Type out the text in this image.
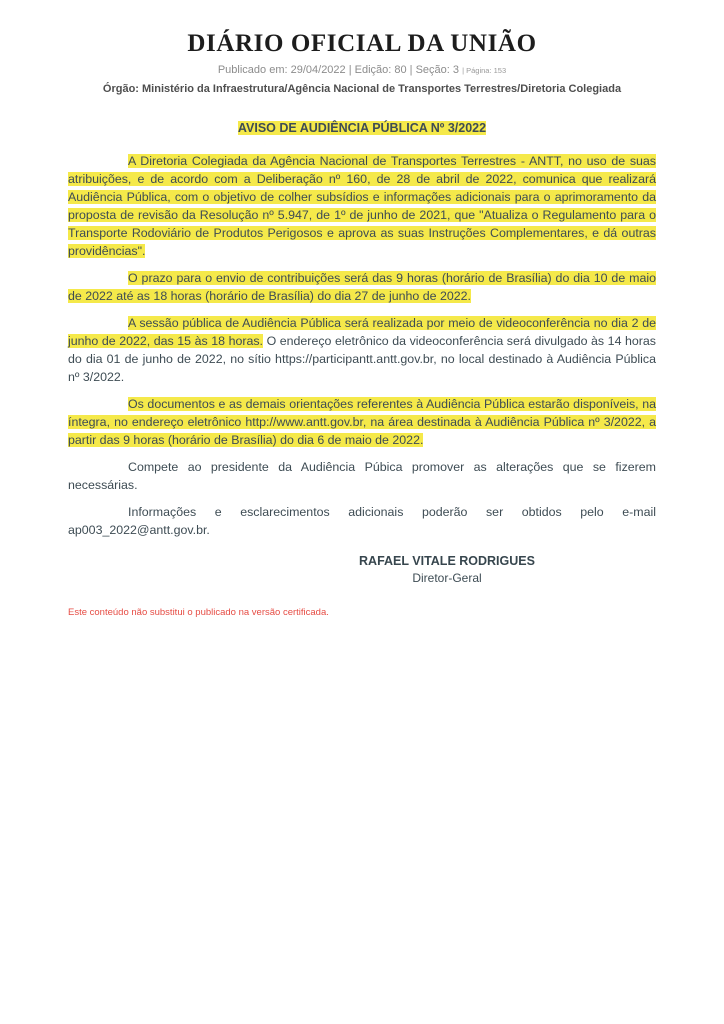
DIÁRIO OFICIAL DA UNIÃO
Publicado em: 29/04/2022 | Edição: 80 | Seção: 3 | Página: 153
Órgão: Ministério da Infraestrutura/Agência Nacional de Transportes Terrestres/Diretoria Colegiada
AVISO DE AUDIÊNCIA PÚBLICA Nº 3/2022

A Diretoria Colegiada da Agência Nacional de Transportes Terrestres - ANTT, no uso de suas atribuições, e de acordo com a Deliberação nº 160, de 28 de abril de 2022, comunica que realizará Audiência Pública, com o objetivo de colher subsídios e informações adicionais para o aprimoramento da proposta de revisão da Resolução nº 5.947, de 1º de junho de 2021, que "Atualiza o Regulamento para o Transporte Rodoviário de Produtos Perigosos e aprova as suas Instruções Complementares, e dá outras providências".

O prazo para o envio de contribuições será das 9 horas (horário de Brasília) do dia 10 de maio de 2022 até as 18 horas (horário de Brasília) do dia 27 de junho de 2022.

A sessão pública de Audiência Pública será realizada por meio de videoconferência no dia 2 de junho de 2022, das 15 às 18 horas. O endereço eletrônico da videoconferência será divulgado às 14 horas do dia 01 de junho de 2022, no sítio https://participantt.antt.gov.br, no local destinado à Audiência Pública nº 3/2022.

Os documentos e as demais orientações referentes à Audiência Pública estarão disponíveis, na íntegra, no endereço eletrônico http://www.antt.gov.br, na área destinada à Audiência Pública nº 3/2022, a partir das 9 horas (horário de Brasília) do dia 6 de maio de 2022.

Compete ao presidente da Audiência Púbica promover as alterações que se fizerem necessárias.

Informações e esclarecimentos adicionais poderão ser obtidos pelo e-mail ap003_2022@antt.gov.br.

RAFAEL VITALE RODRIGUES
Diretor-Geral
Este conteúdo não substitui o publicado na versão certificada.
